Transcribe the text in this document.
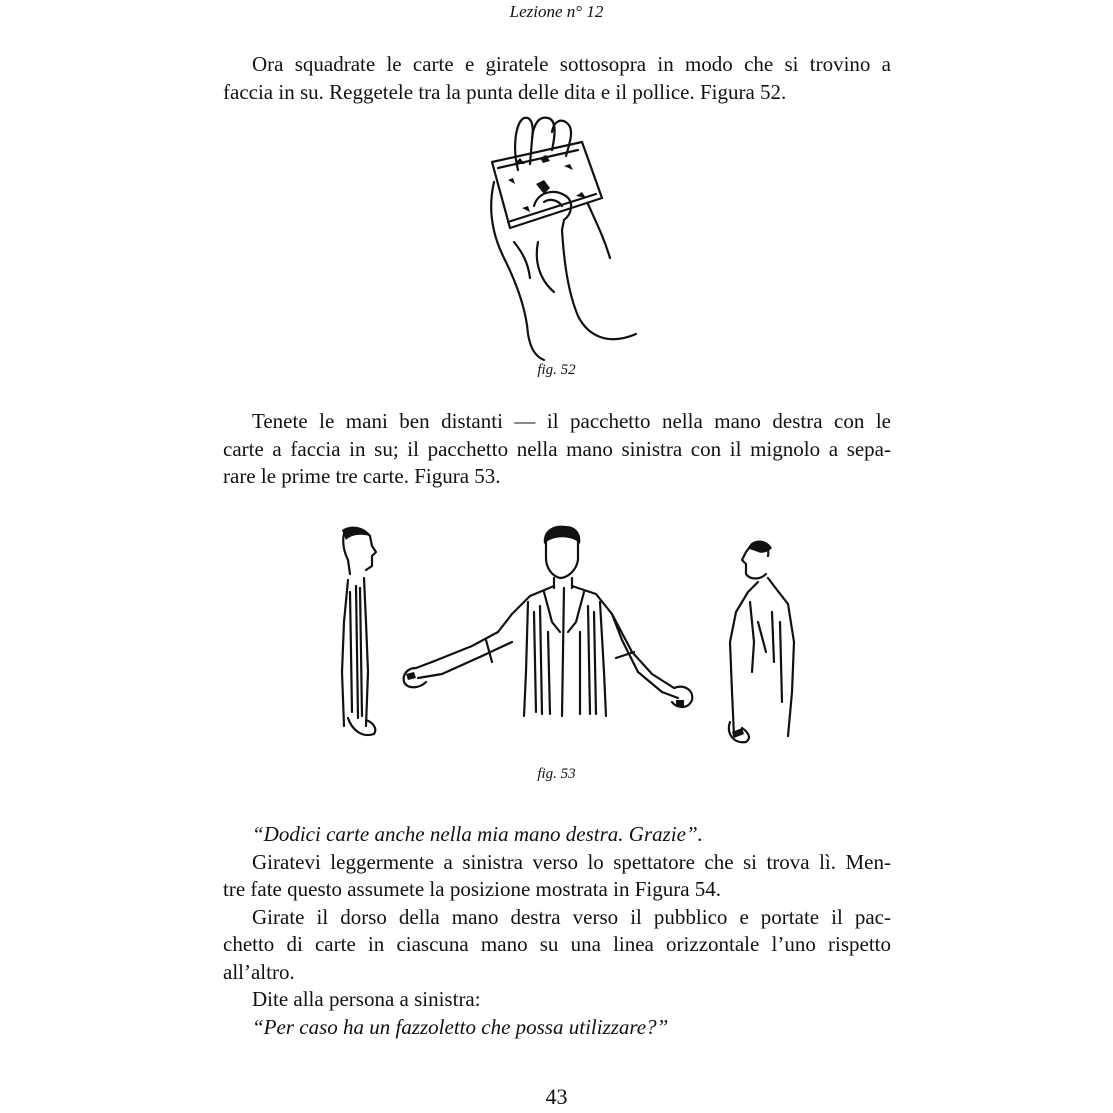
Lezione n° 12

Ora squadrate le carte e giratele sottosopra in modo che si trovino a

faccia in su. Reggetele tra la punta delle dita e il pollice. Figura 52.

fig. 52

Tenete le mani ben distanti — il pacchetto nella mano destra con le

carte a faccia in su; il pacchetto nella mano sinistra con il mignolo a sepa-

rare le prime tre carte. Figura 53.

fig. 53

“Dodici carte anche nella mia mano destra. Grazie”.

Giratevi leggermente a sinistra verso lo spettatore che si trova lì. Men-

tre fate questo assumete la posizione mostrata in Figura 54.

Girate il dorso della mano destra verso il pubblico e portate il pac-

chetto di carte in ciascuna mano su una linea orizzontale l’uno rispetto

all’altro.

Dite alla persona a sinistra:

“Per caso ha un fazzoletto che possa utilizzare?”

43
